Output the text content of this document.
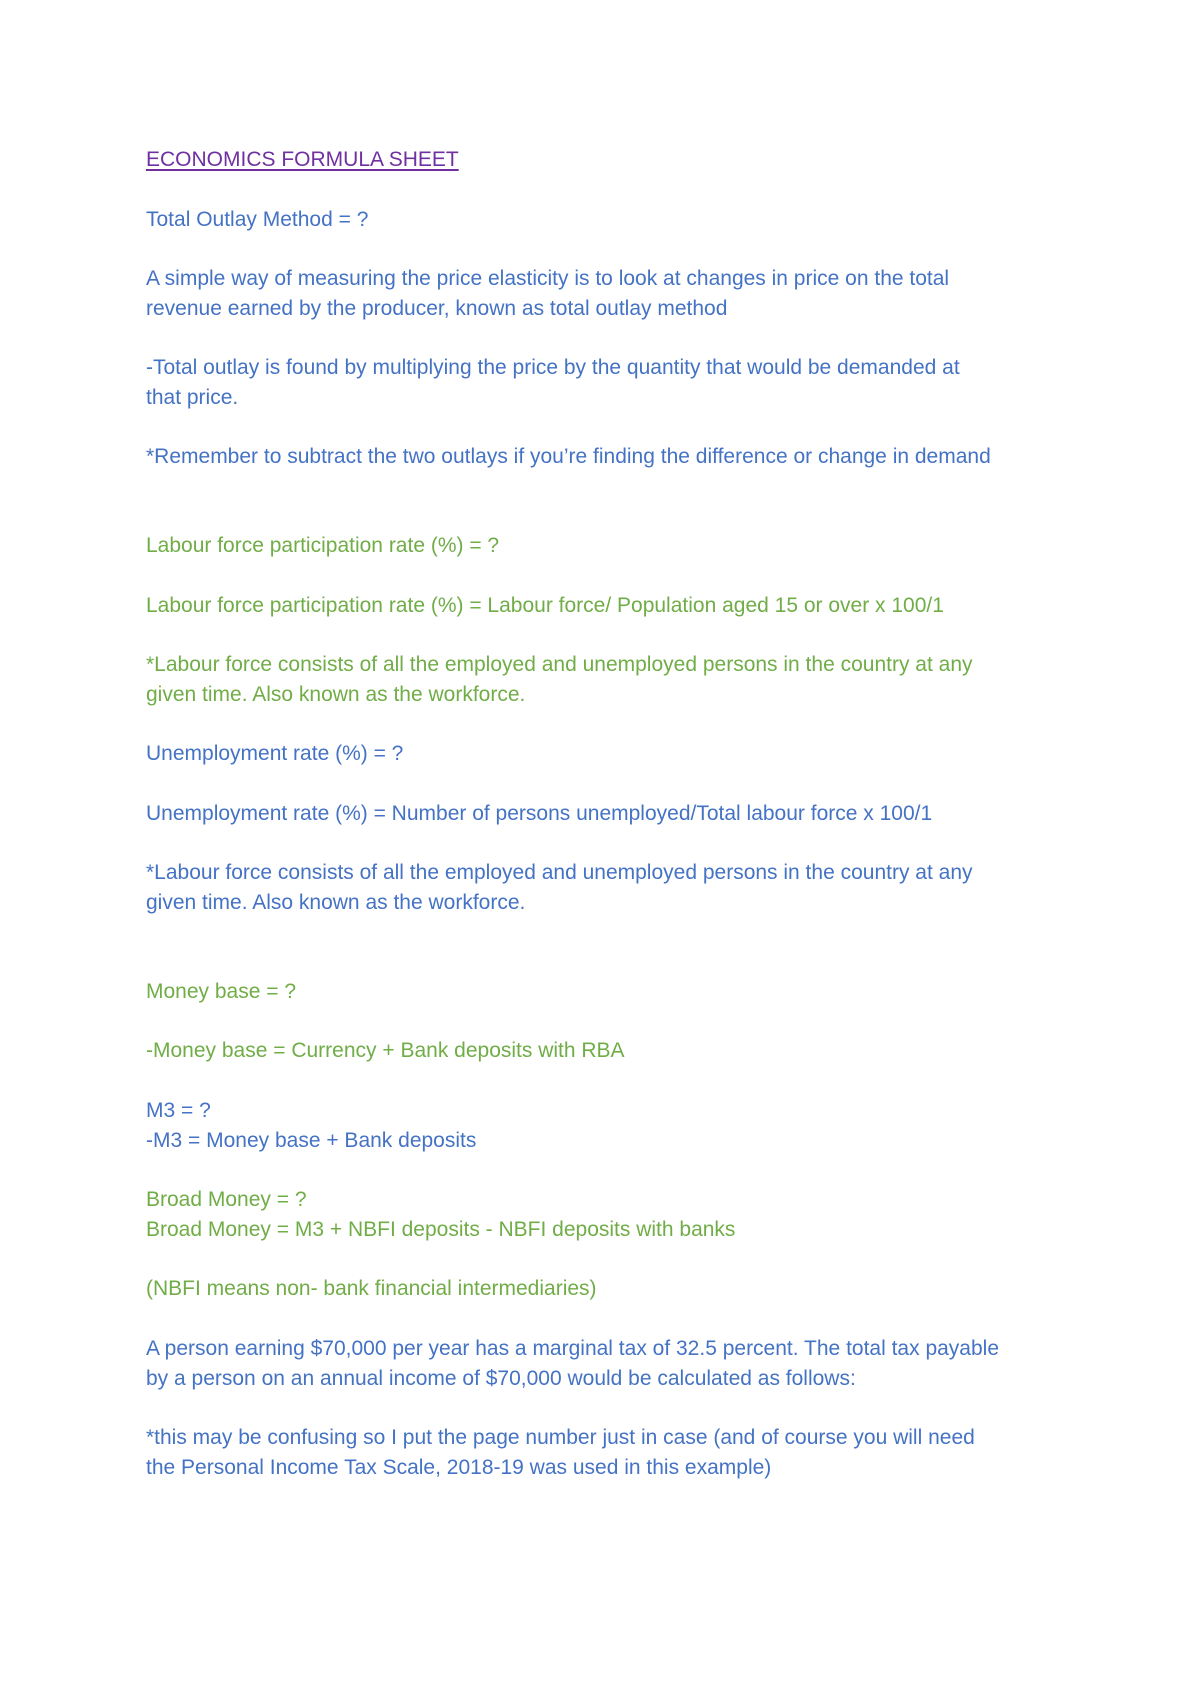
ECONOMICS FORMULA SHEET

Total Outlay Method = ?

A simple way of measuring the price elasticity is to look at changes in price on the total

revenue earned by the producer, known as total outlay method

-Total outlay is found by multiplying the price by the quantity that would be demanded at

that price.

*Remember to subtract the two outlays if you’re finding the difference or change in demand

Labour force participation rate (%) = ?

Labour force participation rate (%) = Labour force/ Population aged 15 or over x 100/1

*Labour force consists of all the employed and unemployed persons in the country at any

given time. Also known as the workforce.

Unemployment rate (%) = ?

Unemployment rate (%) = Number of persons unemployed/Total labour force x 100/1

*Labour force consists of all the employed and unemployed persons in the country at any

given time. Also known as the workforce.

Money base = ?

-Money base = Currency + Bank deposits with RBA

M3 = ?

-M3 = Money base + Bank deposits

Broad Money = ?

Broad Money = M3 + NBFI deposits - NBFI deposits with banks

(NBFI means non- bank financial intermediaries)

A person earning $70,000 per year has a marginal tax of 32.5 percent. The total tax payable

by a person on an annual income of $70,000 would be calculated as follows:

*this may be confusing so I put the page number just in case (and of course you will need

the Personal Income Tax Scale, 2018-19 was used in this example)
